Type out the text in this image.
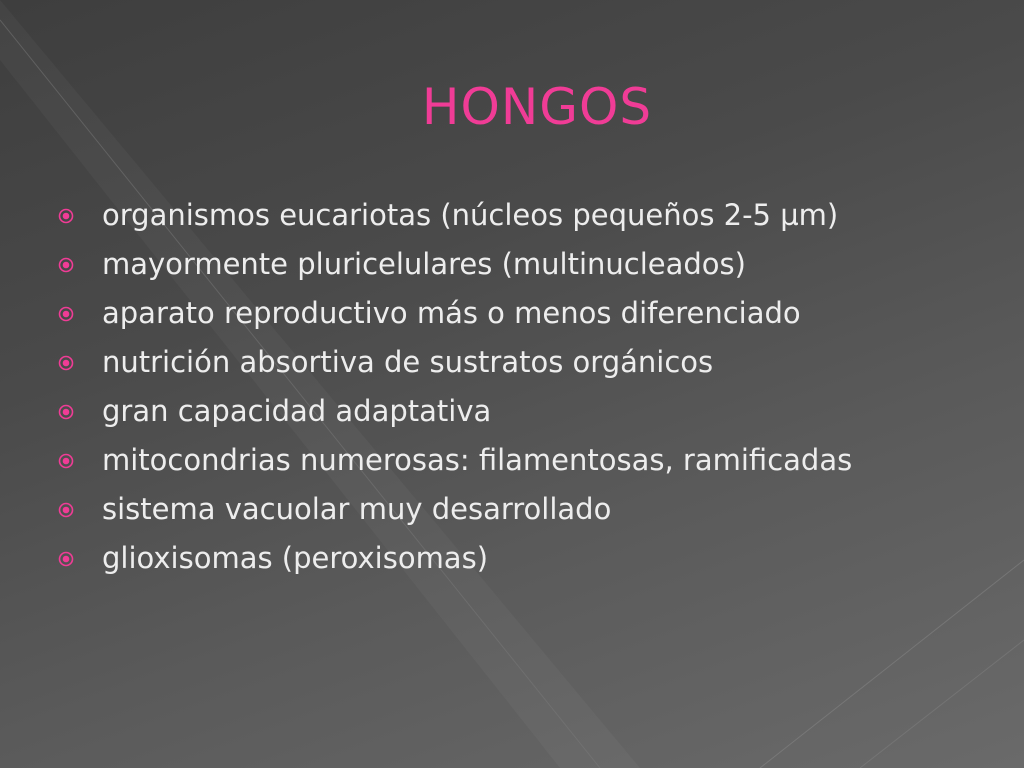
HONGOS
organismos eucariotas (núcleos pequeños 2-5 µm)
mayormente pluricelulares (multinucleados)
aparato reproductivo más o menos diferenciado
nutrición absortiva de sustratos orgánicos
gran capacidad adaptativa
mitocondrias numerosas: filamentosas, ramificadas
sistema vacuolar muy desarrollado
glioxisomas (peroxisomas)
